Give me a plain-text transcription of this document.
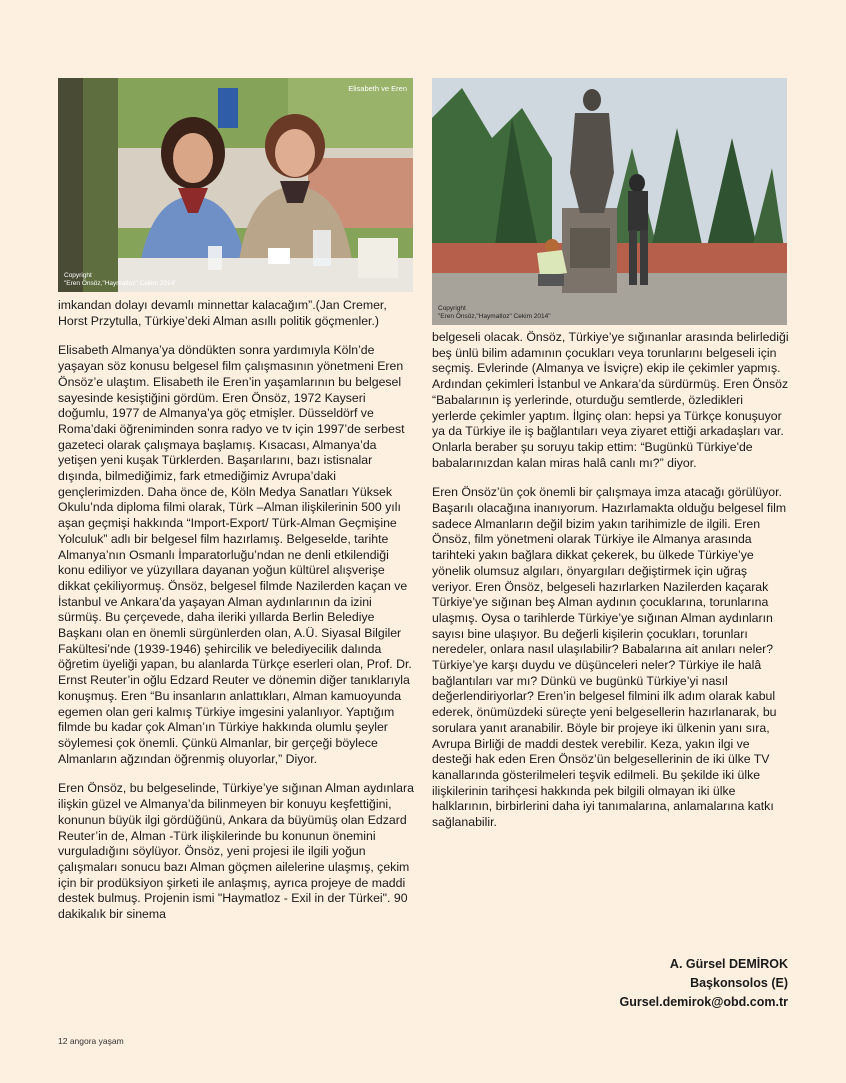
Elisabeth ve Eren
Copyright
"Eren Önsöz,"Haymatloz" Cekim 2014"
Copyright
"Eren Önsöz,"Haymatloz" Cekim 2014"

imkandan dolayı devamlı minnettar kalacağım”.(Jan Cremer, Horst Przytulla, Türkiye’deki Alman asıllı politik göçmenler.)

Elisabeth Almanya’ya döndükten sonra yardımıyla Köln’de yaşayan söz konusu belgesel film çalışmasının yönetmeni Eren Önsöz’e ulaştım. Elisabeth ile Eren’in yaşamlarının bu belgesel sayesinde kesiştiğini gördüm. Eren Önsöz, 1972 Kayseri doğumlu, 1977 de Almanya’ya göç etmişler. Düsseldörf ve Roma’daki öğreniminden sonra radyo ve tv için 1997’de serbest gazeteci olarak çalışmaya başlamış. Kısacası, Almanya’da yetişen yeni kuşak Türklerden. Başarılarını, bazı istisnalar dışında, bilmediğimiz, fark etmediğimiz Avrupa’daki gençlerimizden. Daha önce de, Köln Medya Sanatları Yüksek Okulu’nda diploma filmi olarak, Türk –Alman ilişkilerinin 500 yılı aşan geçmişi hakkında “Import-Export/ Türk-Alman Geçmişine Yolculuk” adlı bir belgesel film hazırlamış. Belgeselde, tarihte Almanya’nın Osmanlı İmparatorluğu’ndan ne denli etkilendiği konu ediliyor ve yüzyıllara dayanan yoğun kültürel alışverişe dikkat çekiliyormuş. Önsöz, belgesel filmde Nazilerden kaçan ve İstanbul ve Ankara’da yaşayan Alman aydınlarının da izini sürmüş. Bu çerçevede, daha ileriki yıllarda Berlin Belediye Başkanı olan en önemli sürgünlerden olan, A.Ü. Siyasal Bilgiler Fakültesi’nde (1939-1946) şehircilik ve belediyecilik dalında öğretim üyeliği yapan, bu alanlarda Türkçe eserleri olan, Prof. Dr. Ernst Reuter’in oğlu Edzard Reuter ve dönemin diğer tanıklarıyla konuşmuş. Eren “Bu insanların anlattıkları, Alman kamuoyunda egemen olan geri kalmış Türkiye imgesini yalanlıyor. Yaptığım filmde bu kadar çok Alman’ın Türkiye hakkında olumlu şeyler söylemesi çok önemli. Çünkü Almanlar, bir gerçeği böylece Almanların ağzından öğrenmiş oluyorlar,” Diyor.

Eren Önsöz, bu belgeselinde, Türkiye’ye sığınan Alman aydınlara ilişkin güzel ve Almanya’da bilinmeyen bir konuyu keşfettiğini, konunun büyük ilgi gördüğünü, Ankara da büyümüş olan Edzard Reuter’in de, Alman -Türk ilişkilerinde bu konunun önemini vurguladığını söylüyor. Önsöz, yeni projesi ile ilgili yoğun çalışmaları sonucu bazı Alman göçmen ailelerine ulaşmış, çekim için bir prodüksiyon şirketi ile anlaşmış, ayrıca projeye de maddi destek bulmuş. Projenin ismi "Haymatloz - Exil in der Türkei". 90 dakikalık bir sinema

belgeseli olacak. Önsöz, Türkiye’ye sığınanlar arasında belirlediği beş ünlü bilim adamının çocukları veya torunlarını belgeseli için seçmiş. Evlerinde (Almanya ve İsviçre) ekip ile çekimler yapmış. Ardından çekimleri İstanbul ve Ankara’da sürdürmüş. Eren Önsöz “Babalarının iş yerlerinde, oturduğu semtlerde, özledikleri yerlerde çekimler yaptım. İlginç olan: hepsi ya Türkçe konuşuyor ya da Türkiye ile iş bağlantıları veya ziyaret ettiği arkadaşları var. Onlarla beraber şu soruyu takip ettim: “Bugünkü Türkiye'de babalarınızdan kalan miras halâ canlı mı?” diyor.

Eren Önsöz’ün çok önemli bir çalışmaya imza atacağı görülüyor. Başarılı olacağına inanıyorum. Hazırlamakta olduğu belgesel film sadece Almanların değil bizim yakın tarihimizle de ilgili. Eren Önsöz, film yönetmeni olarak Türkiye ile Almanya arasında tarihteki yakın bağlara dikkat çekerek, bu ülkede Türkiye’ye yönelik olumsuz algıları, önyargıları değiştirmek için uğraş veriyor. Eren Önsöz, belgeseli hazırlarken Nazilerden kaçarak Türkiye’ye sığınan beş Alman aydının çocuklarına, torunlarına ulaşmış. Oysa o tarihlerde Türkiye’ye sığınan Alman aydınların sayısı bine ulaşıyor. Bu değerli kişilerin çocukları, torunları neredeler, onlara nasıl ulaşılabilir? Babalarına ait anıları neler? Türkiye’ye karşı duydu ve düşünceleri neler? Türkiye ile halâ bağlantıları var mı? Dünkü ve bugünkü Türkiye’yi nasıl değerlendiriyorlar? Eren’in belgesel filmini ilk adım olarak kabul ederek, önümüzdeki süreçte yeni belgesellerin hazırlanarak, bu sorulara yanıt aranabilir. Böyle bir projeye iki ülkenin yanı sıra, Avrupa Birliği de maddi destek verebilir. Keza, yakın ilgi ve desteği hak eden Eren Önsöz’ün belgesellerinin de iki ülke TV kanallarında gösterilmeleri teşvik edilmeli. Bu şekilde iki ülke ilişkilerinin tarihçesi hakkında pek bilgili olmayan iki ülke halklarının, birbirlerini daha iyi tanımalarına, anlamalarına katkı sağlanabilir.

A. Gürsel DEMİROK
Başkonsolos (E)
Gursel.demirok@obd.com.tr
12 angora yaşam
